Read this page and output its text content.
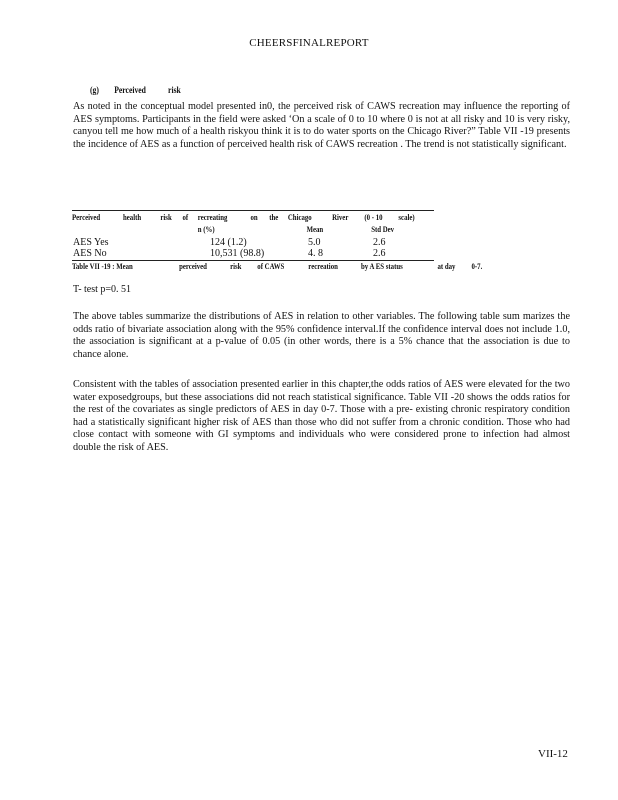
CHEERSFINALREPORT
(g) Perceived risk
As noted in the conceptual model presented in0, the perceived risk of CAWS recreation may influence the reporting of AES symptoms. Participants in the field were asked ‘On a scale of 0 to 10 where 0 is not at all risky and 10 is very risky, canyou tell me how much of a health riskyou think it is to do water sports on the Chicago River?” Table VII -19 presents the incidence of AES as a function of perceived health risk of CAWS recreation . The trend is not statistically significant.
Perceived	health risk of recreating	on the Chicago	River (0 - 10 scale)
n (%)	Mean	Std Dev
AES Yes	124 (1.2)	5.0	2.6
AES No	10,531 (98.8)	4. 8	2.6
Table VII -19 : Mean	perceived	risk of CAWS	recreation	by A ES status	at day 0-7.
T- test p=0. 51
The above tables summarize the distributions of AES in relation to other variables. The following table sum marizes the odds ratio of bivariate association along with the 95% confidence interval.If the confidence interval does not include 1.0, the association is significant at a p-value of 0.05 (in other words, there is a 5% chance that the association is due to chance alone.
Consistent with the tables of association presented earlier in this chapter,the odds ratios of AES were elevated for the two water exposedgroups, but these associations did not reach statistical significance. Table VII -20 shows the odds ratios for the rest of the covariates as single predictors of AES in day 0-7. Those with a pre- existing chronic respiratory condition had a statistically significant higher risk of AES than those who did not suffer from a chronic condition. Those who had close contact with someone with GI symptoms and individuals who were considered prone to infection had almost double the risk of AES.
VII-12
